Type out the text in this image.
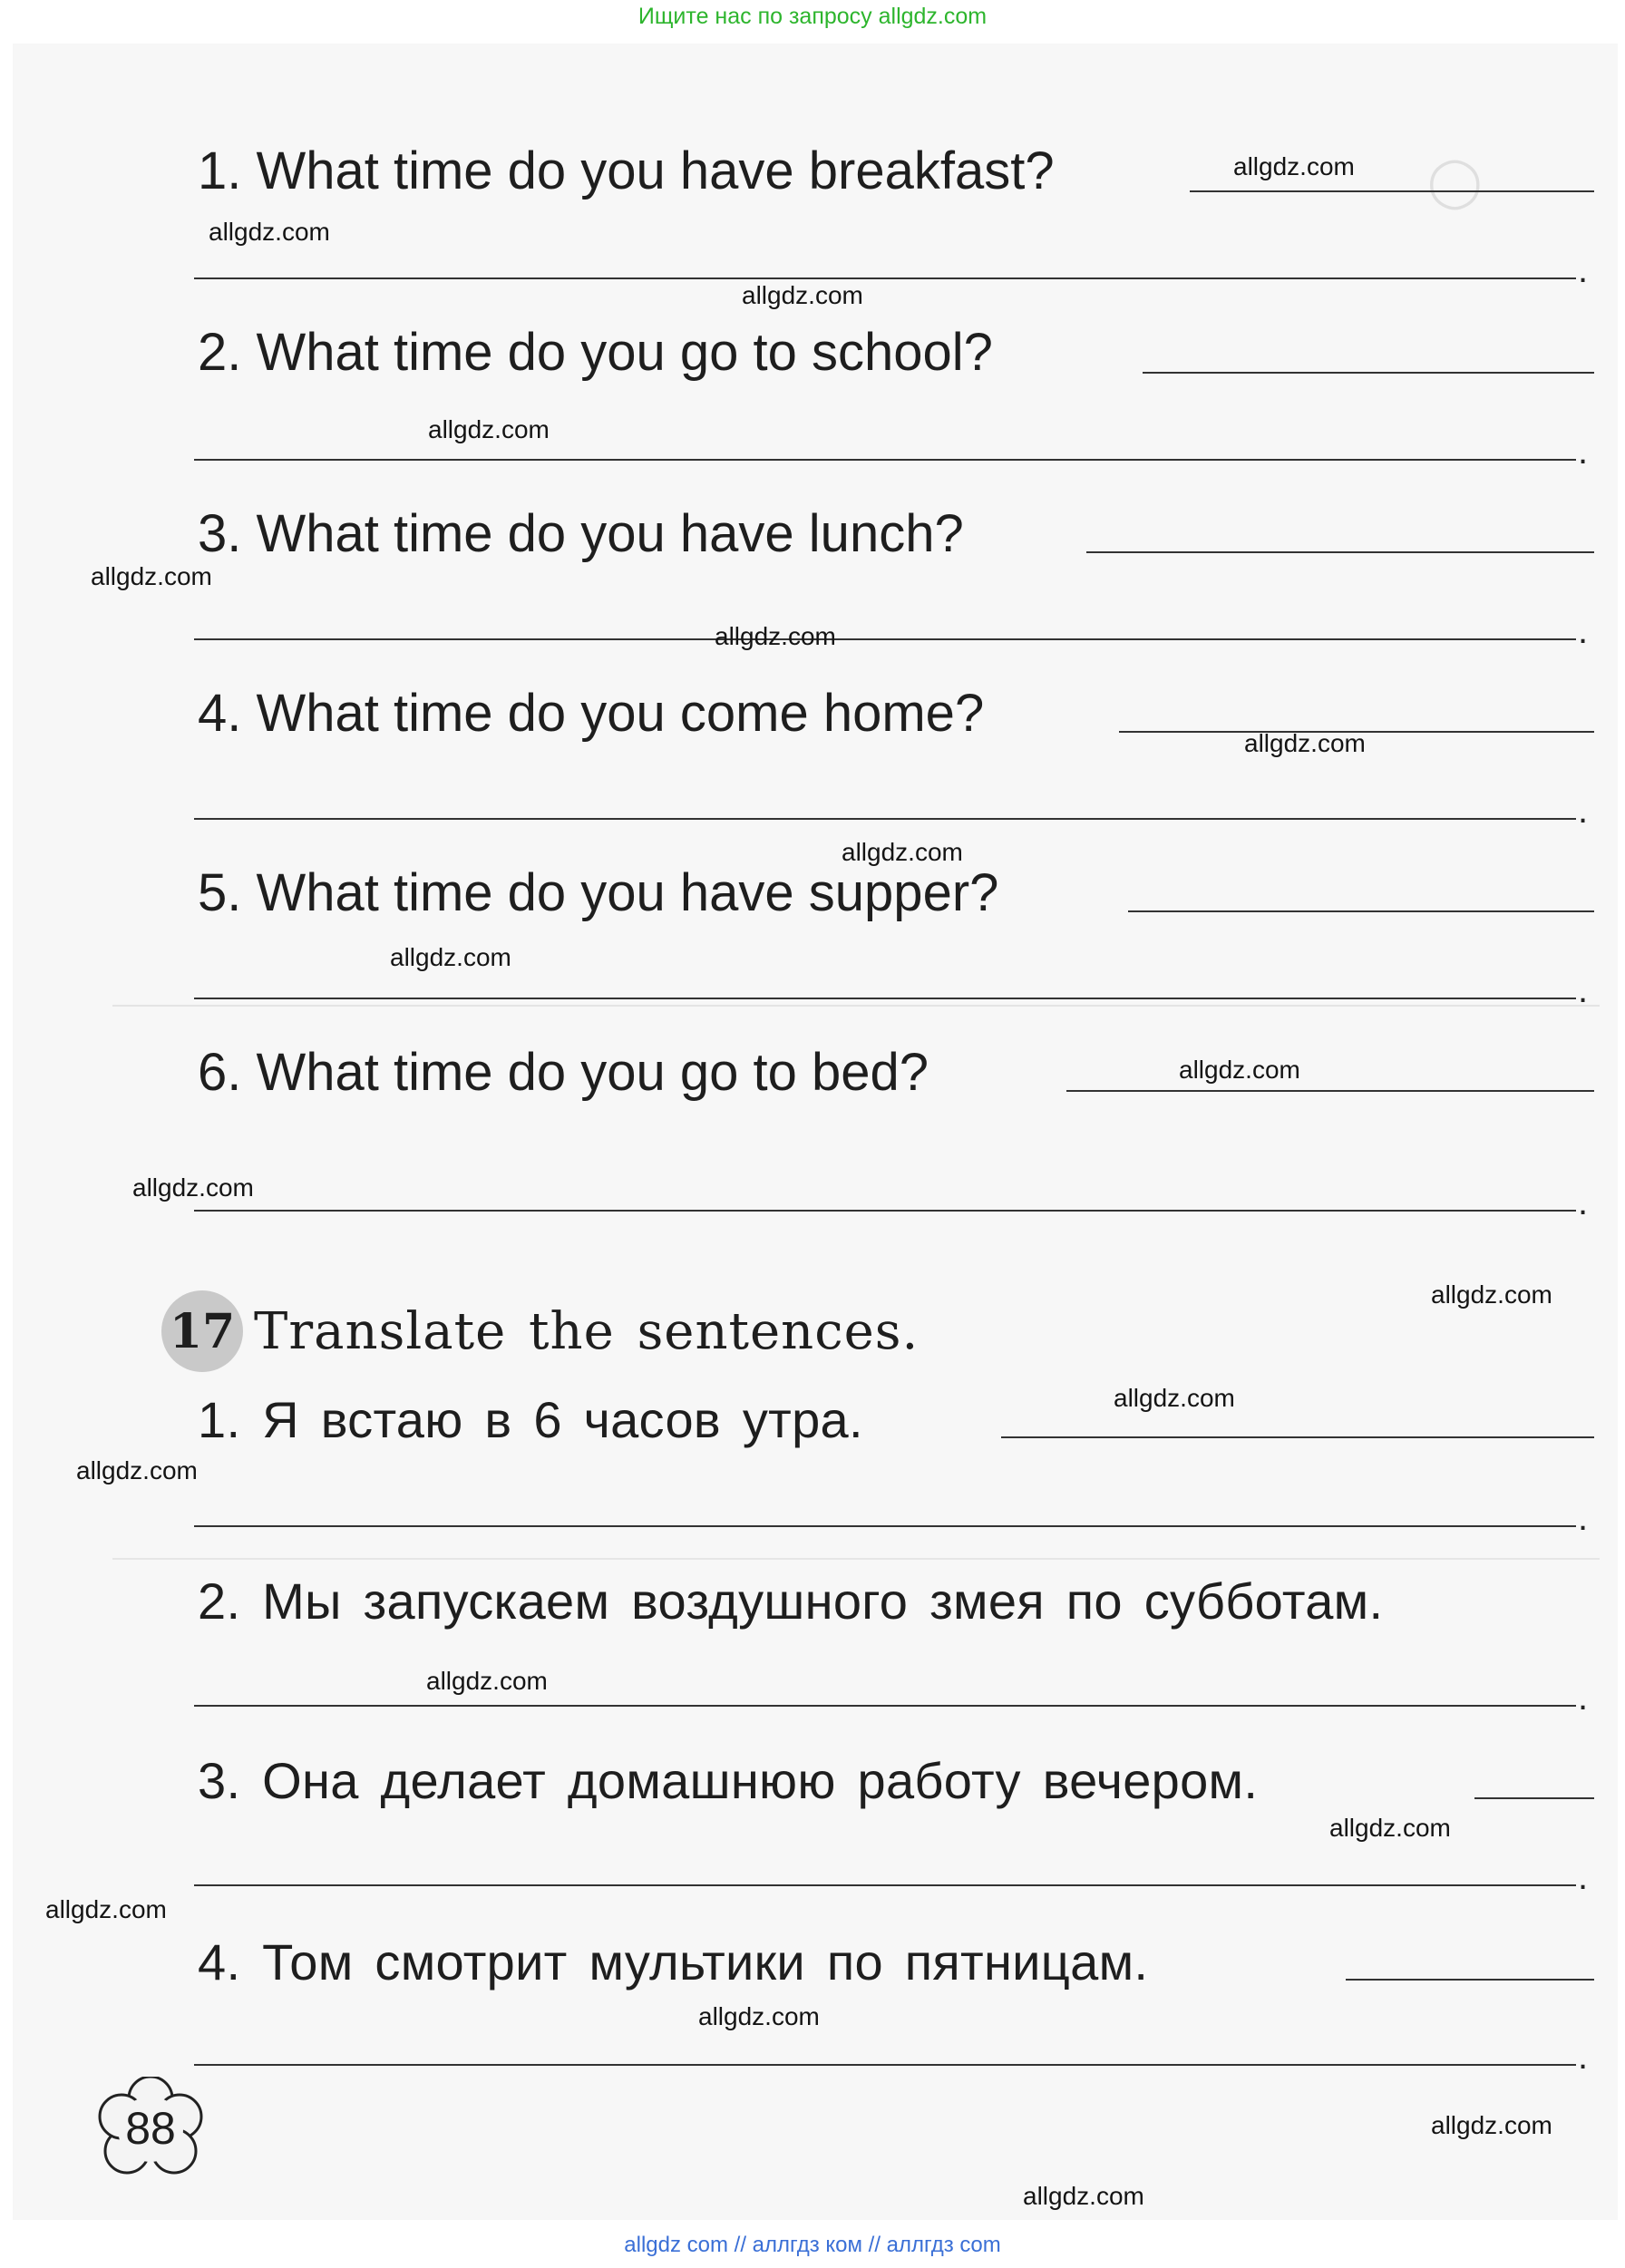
Ищите нас по запросу allgdz.com
◯
1. What time do you have breakfast?
.
2. What time do you go to school?
.
3. What time do you have lunch?
.
4. What time do you come home?
.
5. What time do you have supper?
.
6. What time do you go to bed?
.
17 Translate the sentences.
1. Я встаю в 6 часов утра.
.
2. Мы запускаем воздушного змея по субботам.
.
3. Она делает домашнюю работу вечером.
.
4. Том смотрит мультики по пятницам.
.
88
allgdz.com
allgdz.com
allgdz.com
allgdz.com
allgdz.com
allgdz.com
allgdz.com
allgdz.com
allgdz.com
allgdz.com
allgdz.com
allgdz.com
allgdz.com
allgdz.com
allgdz.com
allgdz.com
allgdz.com
allgdz.com
allgdz.com
allgdz.com
allgdz com // аллгдз ком // аллгдз com
